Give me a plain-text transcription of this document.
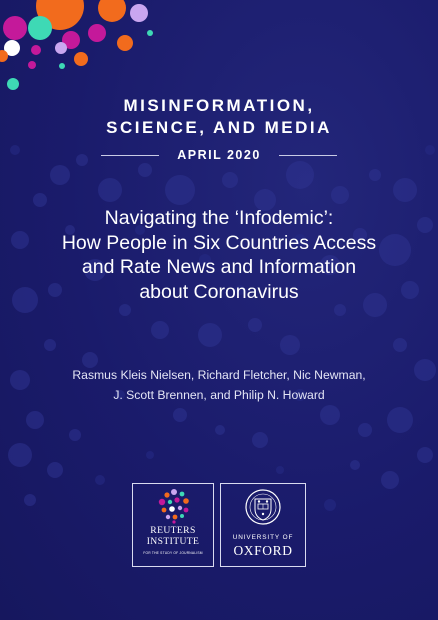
MISINFORMATION,
SCIENCE, AND MEDIA
APRIL 2020
Navigating the ‘Infodemic’:
How People in Six Countries Access
and Rate News and Information
about Coronavirus
Rasmus Kleis Nielsen, Richard Fletcher, Nic Newman,
J. Scott Brennen, and Philip N. Howard
REUTERS
INSTITUTE
FOR THE STUDY OF JOURNALISM
UNIVERSITY OF
OXFORD
